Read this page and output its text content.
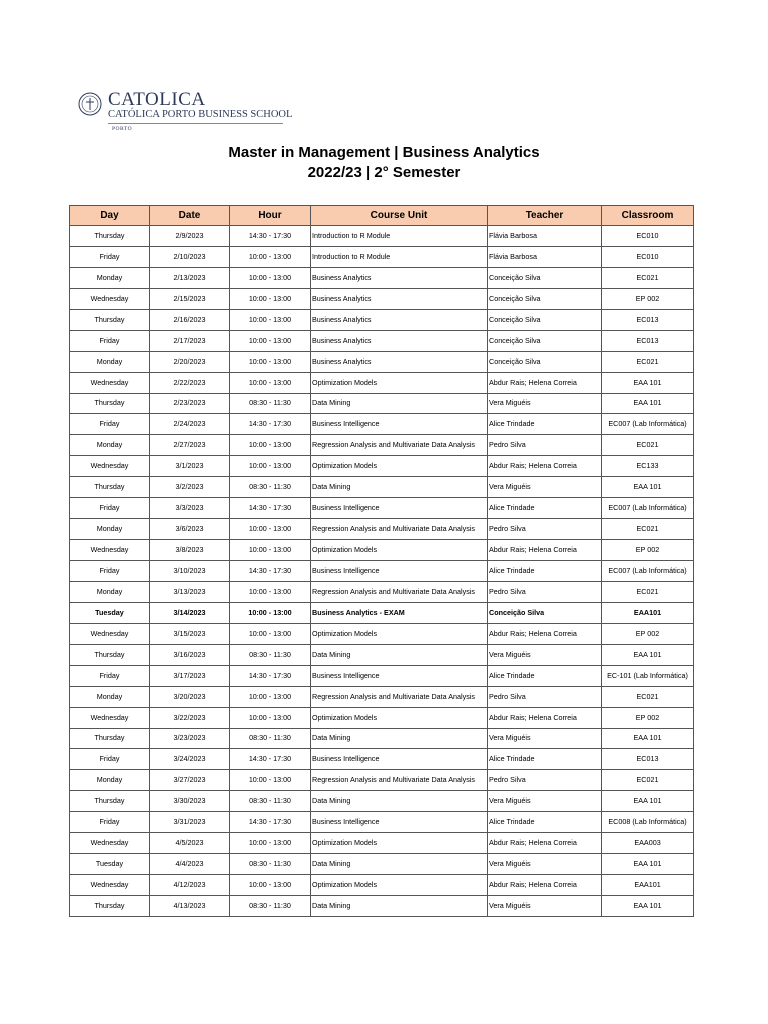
CATOLICA
CATÓLICA PORTO BUSINESS SCHOOL
PORTO
Master in Management | Business Analytics
2022/23 | 2° Semester
Day	Date	Hour	Course Unit	Teacher	Classroom
Thursday	2/9/2023	14:30 - 17:30	Introduction to R Module	Flávia Barbosa	EC010
Friday	2/10/2023	10:00 - 13:00	Introduction to R Module	Flávia Barbosa	EC010
Monday	2/13/2023	10:00 - 13:00	Business Analytics	Conceição Silva	EC021
Wednesday	2/15/2023	10:00 - 13:00	Business Analytics	Conceição Silva	EP 002
Thursday	2/16/2023	10:00 - 13:00	Business Analytics	Conceição Silva	EC013
Friday	2/17/2023	10:00 - 13:00	Business Analytics	Conceição Silva	EC013
Monday	2/20/2023	10:00 - 13:00	Business Analytics	Conceição Silva	EC021
Wednesday	2/22/2023	10:00 - 13:00	Optimization Models	Abdur Rais; Helena Correia	EAA 101
Thursday	2/23/2023	08:30 - 11:30	Data Mining	Vera Miguéis	EAA 101
Friday	2/24/2023	14:30 - 17:30	Business Intelligence	Alice Trindade	EC007 (Lab Informática)
Monday	2/27/2023	10:00 - 13:00	Regression Analysis and Multivariate Data Analysis	Pedro Silva	EC021
Wednesday	3/1/2023	10:00 - 13:00	Optimization Models	Abdur Rais; Helena Correia	EC133
Thursday	3/2/2023	08:30 - 11:30	Data Mining	Vera Miguéis	EAA 101
Friday	3/3/2023	14:30 - 17:30	Business Intelligence	Alice Trindade	EC007 (Lab Informática)
Monday	3/6/2023	10:00 - 13:00	Regression Analysis and Multivariate Data Analysis	Pedro Silva	EC021
Wednesday	3/8/2023	10:00 - 13:00	Optimization Models	Abdur Rais; Helena Correia	EP 002
Friday	3/10/2023	14:30 - 17:30	Business Intelligence	Alice Trindade	EC007 (Lab Informática)
Monday	3/13/2023	10:00 - 13:00	Regression Analysis and Multivariate Data Analysis	Pedro Silva	EC021
Tuesday	3/14/2023	10:00 - 13:00	Business Analytics - EXAM	Conceição Silva	EAA101
Wednesday	3/15/2023	10:00 - 13:00	Optimization Models	Abdur Rais; Helena Correia	EP 002
Thursday	3/16/2023	08:30 - 11:30	Data Mining	Vera Miguéis	EAA 101
Friday	3/17/2023	14:30 - 17:30	Business Intelligence	Alice Trindade	EC-101 (Lab Informática)
Monday	3/20/2023	10:00 - 13:00	Regression Analysis and Multivariate Data Analysis	Pedro Silva	EC021
Wednesday	3/22/2023	10:00 - 13:00	Optimization Models	Abdur Rais; Helena Correia	EP 002
Thursday	3/23/2023	08:30 - 11:30	Data Mining	Vera Miguéis	EAA 101
Friday	3/24/2023	14:30 - 17:30	Business Intelligence	Alice Trindade	EC013
Monday	3/27/2023	10:00 - 13:00	Regression Analysis and Multivariate Data Analysis	Pedro Silva	EC021
Thursday	3/30/2023	08:30 - 11:30	Data Mining	Vera Miguéis	EAA 101
Friday	3/31/2023	14:30 - 17:30	Business Intelligence	Alice Trindade	EC008 (Lab Informática)
Wednesday	4/5/2023	10:00 - 13:00	Optimization Models	Abdur Rais; Helena Correia	EAA003
Tuesday	4/4/2023	08:30 - 11:30	Data Mining	Vera Miguéis	EAA 101
Wednesday	4/12/2023	10:00 - 13:00	Optimization Models	Abdur Rais; Helena Correia	EAA101
Thursday	4/13/2023	08:30 - 11:30	Data Mining	Vera Miguéis	EAA 101
